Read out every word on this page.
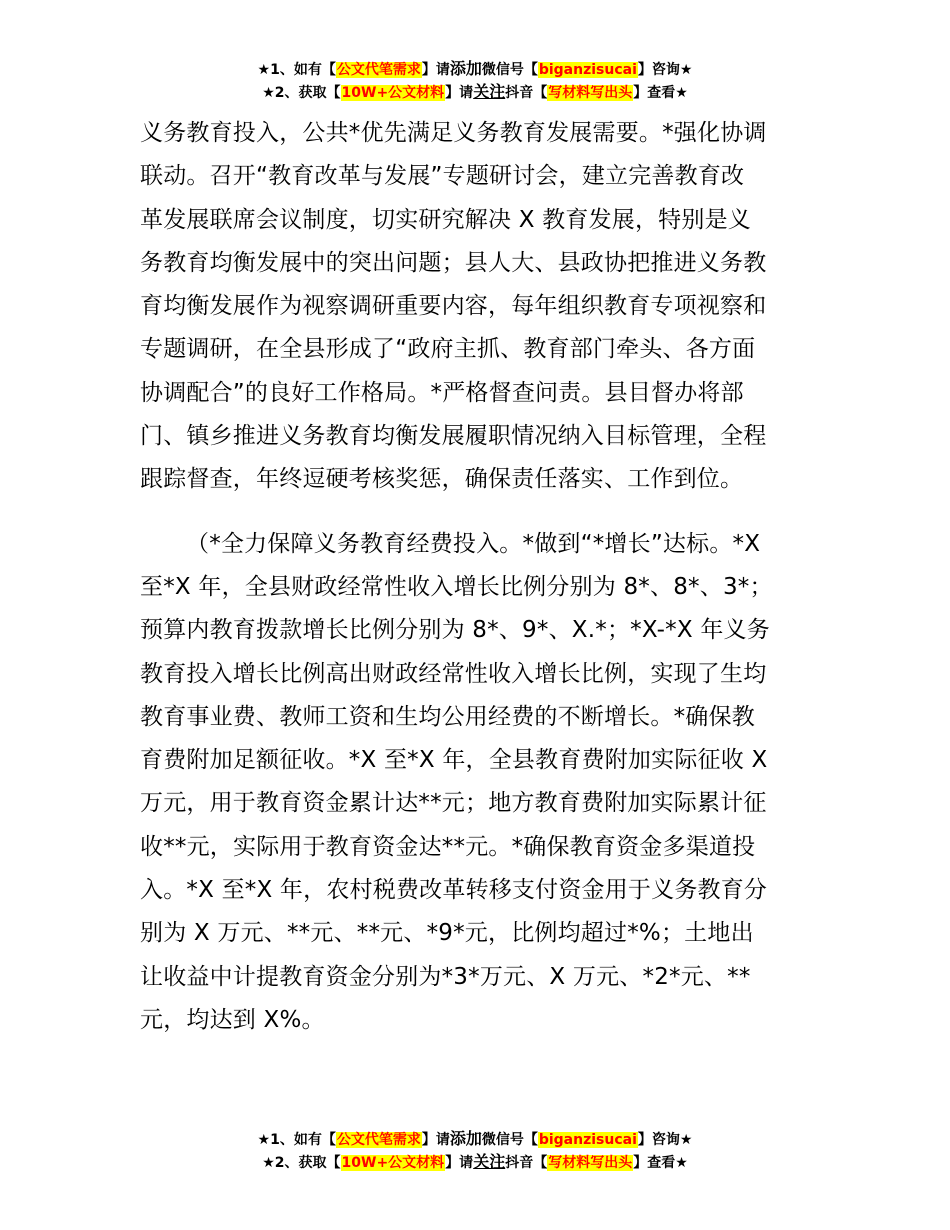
★1、如有【公文代笔需求】请添加微信号【biganzisucai】咨询★
★2、获取【10W+公文材料】请关注抖音【写材料写出头】查看★
义务教育投入，公共*优先满足义务教育发展需要。*强化协调
联动。召开“教育改革与发展”专题研讨会，建立完善教育改
革发展联席会议制度，切实研究解决 X 教育发展，特别是义
务教育均衡发展中的突出问题；县人大、县政协把推进义务教
育均衡发展作为视察调研重要内容，每年组织教育专项视察和
专题调研，在全县形成了“政府主抓、教育部门牵头、各方面
协调配合”的良好工作格局。*严格督查问责。县目督办将部
门、镇乡推进义务教育均衡发展履职情况纳入目标管理，全程
跟踪督查，年终逗硬考核奖惩，确保责任落实、工作到位。
（*全力保障义务教育经费投入。*做到“*增长”达标。*X
至*X 年，全县财政经常性收入增长比例分别为 8*、8*、3*；
预算内教育拨款增长比例分别为 8*、9*、X.*；*X-*X 年义务
教育投入增长比例高出财政经常性收入增长比例，实现了生均
教育事业费、教师工资和生均公用经费的不断增长。*确保教
育费附加足额征收。*X 至*X 年，全县教育费附加实际征收 X
万元，用于教育资金累计达**元；地方教育费附加实际累计征
收**元，实际用于教育资金达**元。*确保教育资金多渠道投
入。*X 至*X 年，农村税费改革转移支付资金用于义务教育分
别为 X 万元、**元、**元、*9*元，比例均超过*%；土地出
让收益中计提教育资金分别为*3*万元、X 万元、*2*元、**
元，均达到 X%。
★1、如有【公文代笔需求】请添加微信号【biganzisucai】咨询★
★2、获取【10W+公文材料】请关注抖音【写材料写出头】查看★
